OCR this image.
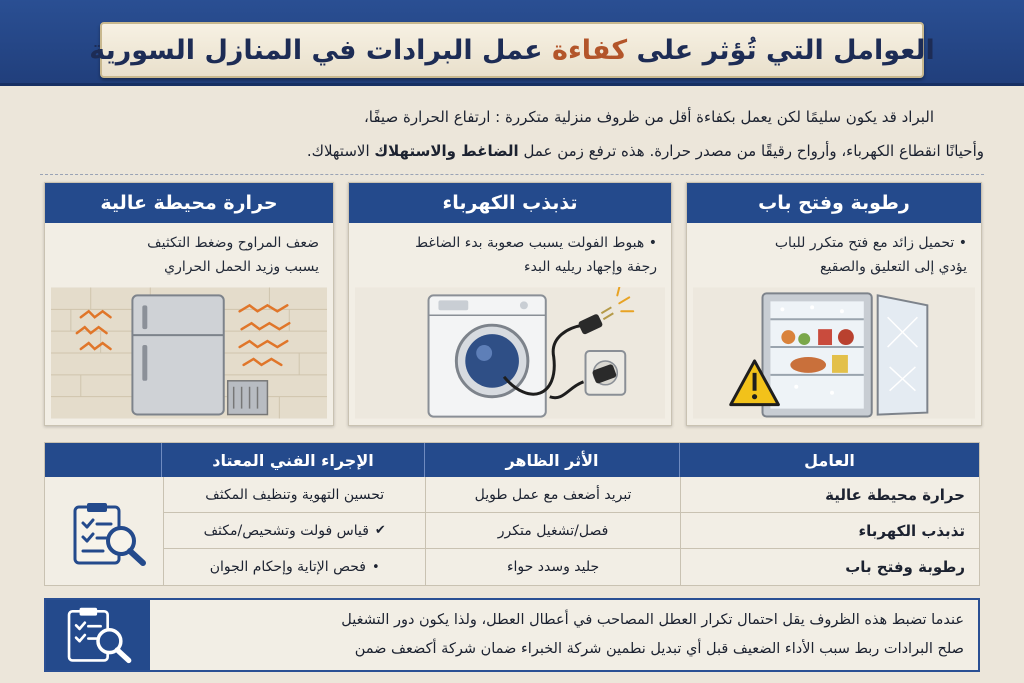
العوامل التي تُؤثر على كفاءة عمل البرادات في المنازل السورية

البراد قد يكون سليمًا لكن يعمل بكفاءة أقل من ظروف منزلية متكررة : ارتفاع الحرارة صيفًا،

وأحيانًا انقطاع الكهرباء، وأرواح رقيقًا من مصدر حرارة. هذه ترفع زمن عمل الضاغط والاستهلاك الاستهلاك.

حرارة محيطة عالية

ضعف المراوح وضغط التكثيف

يسبب وزيد الحمل الحراري

تذبذب الكهرباء

• هبوط الفولت يسبب صعوبة بدء الضاغط

رجفة وإجهاد ريليه البدء

رطوبة وفتح باب

• تحميل زائد مع فتح متكرر للباب

يؤدي إلى التعليق والصقيع

العامل
الأثر الظاهر
الإجراء الفني المعتاد
حرارة محيطة عالية
تبريد أضعف مع عمل طويل
تحسين التهوية وتنظيف المكثف
تذبذب الكهرباء
فصل/تشغيل متكرر
✔
قياس فولت وتشحيص/مكثف
رطوبة وفتح باب
جليد وسدد حواء
•
فحص الإتاية وإحكام الجوان

عندما تضبط هذه الظروف يقل احتمال تكرار العطل المصاحب في أعطال العطل، ولذا يكون دور التشغيل

صلح البرادات ربط سبب الأداء الضعيف قبل أي تبديل نطمين شركة الخبراء ضمان شركة أكضعف ضمن
